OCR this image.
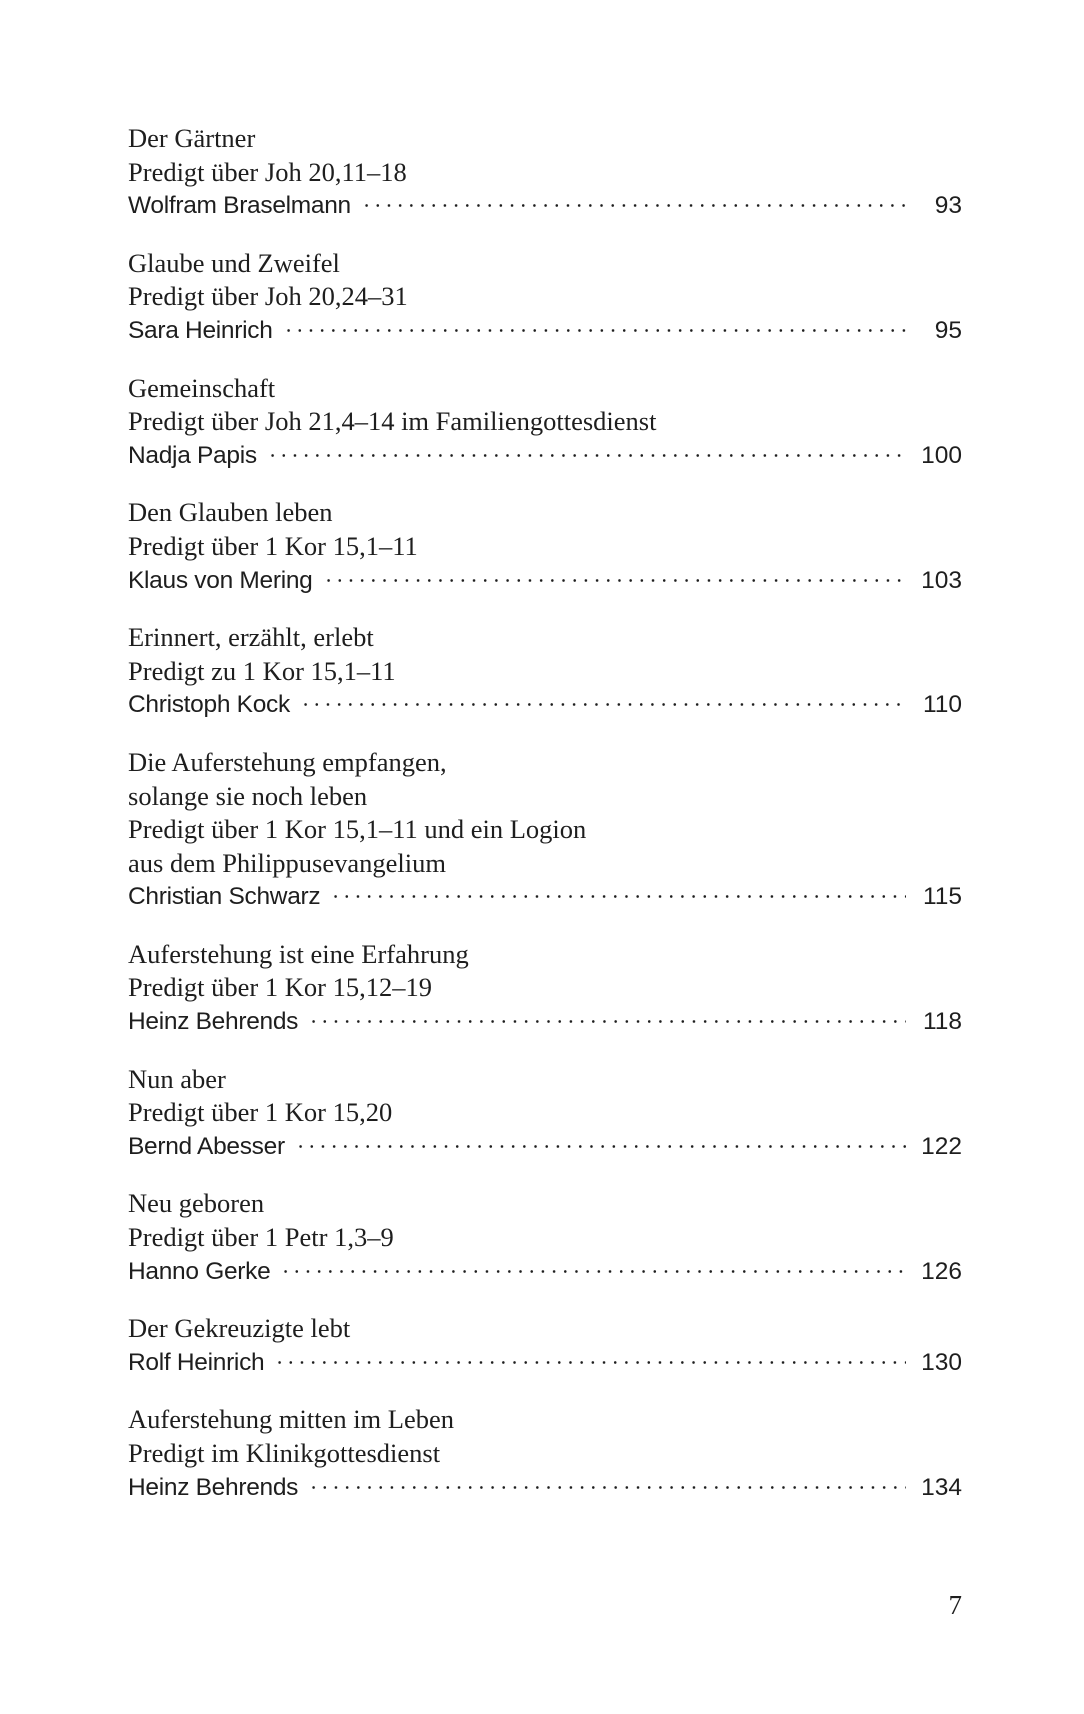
Der Gärtner
Predigt über Joh 20,11–18
Wolfram Braselmann	93
Glaube und Zweifel
Predigt über Joh 20,24–31
Sara Heinrich	95
Gemeinschaft
Predigt über Joh 21,4–14 im Familiengottesdienst
Nadja Papis	100
Den Glauben leben
Predigt über 1 Kor 15,1–11
Klaus von Mering	103
Erinnert, erzählt, erlebt
Predigt zu 1 Kor 15,1–11
Christoph Kock	110
Die Auferstehung empfangen,
solange sie noch leben
Predigt über 1 Kor 15,1–11 und ein Logion
aus dem Philippusevangelium
Christian Schwarz	115
Auferstehung ist eine Erfahrung
Predigt über 1 Kor 15,12–19
Heinz Behrends	118
Nun aber
Predigt über 1 Kor 15,20
Bernd Abesser	122
Neu geboren
Predigt über 1 Petr 1,3–9
Hanno Gerke	126
Der Gekreuzigte lebt
Rolf Heinrich	130
Auferstehung mitten im Leben
Predigt im Klinikgottesdienst
Heinz Behrends	134
7
